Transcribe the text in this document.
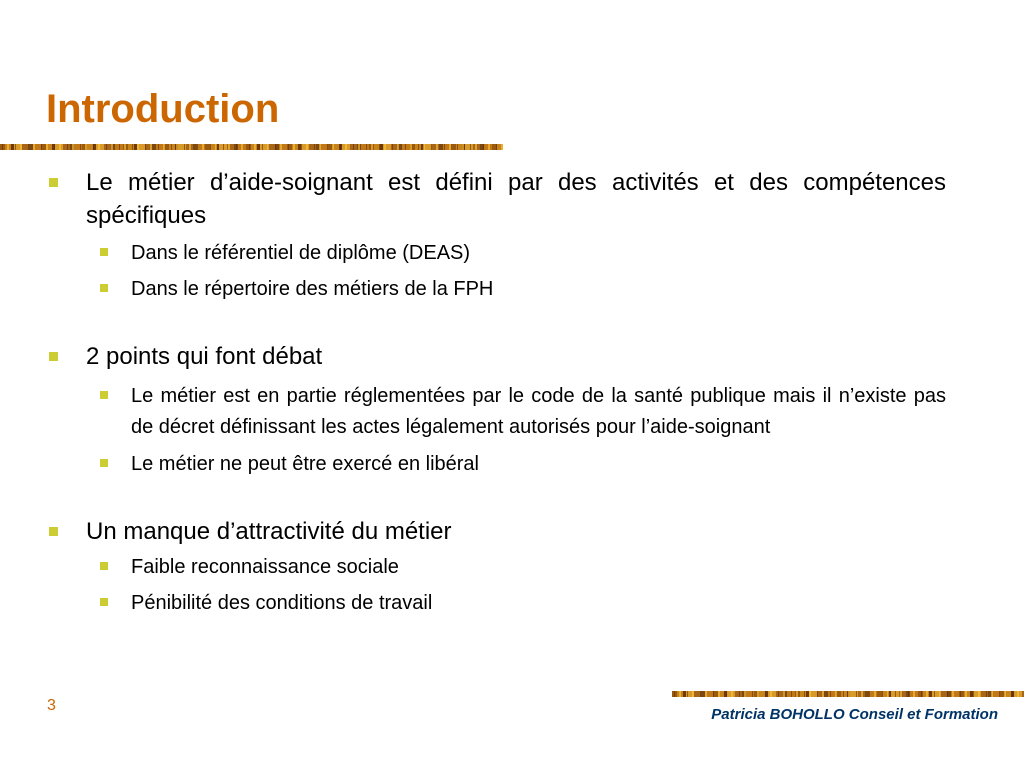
Introduction
Le métier d’aide-soignant est défini par des activités et des compétences spécifiques
Dans le référentiel de diplôme (DEAS)
Dans le répertoire des métiers de la FPH
2 points qui font débat
Le métier est en partie réglementées par le code de la santé publique mais il n’existe pas de décret définissant les actes légalement autorisés pour l’aide-soignant
Le métier ne peut être exercé en libéral
Un manque d’attractivité du métier
Faible reconnaissance sociale
Pénibilité des conditions de travail
3
Patricia BOHOLLO Conseil et Formation
